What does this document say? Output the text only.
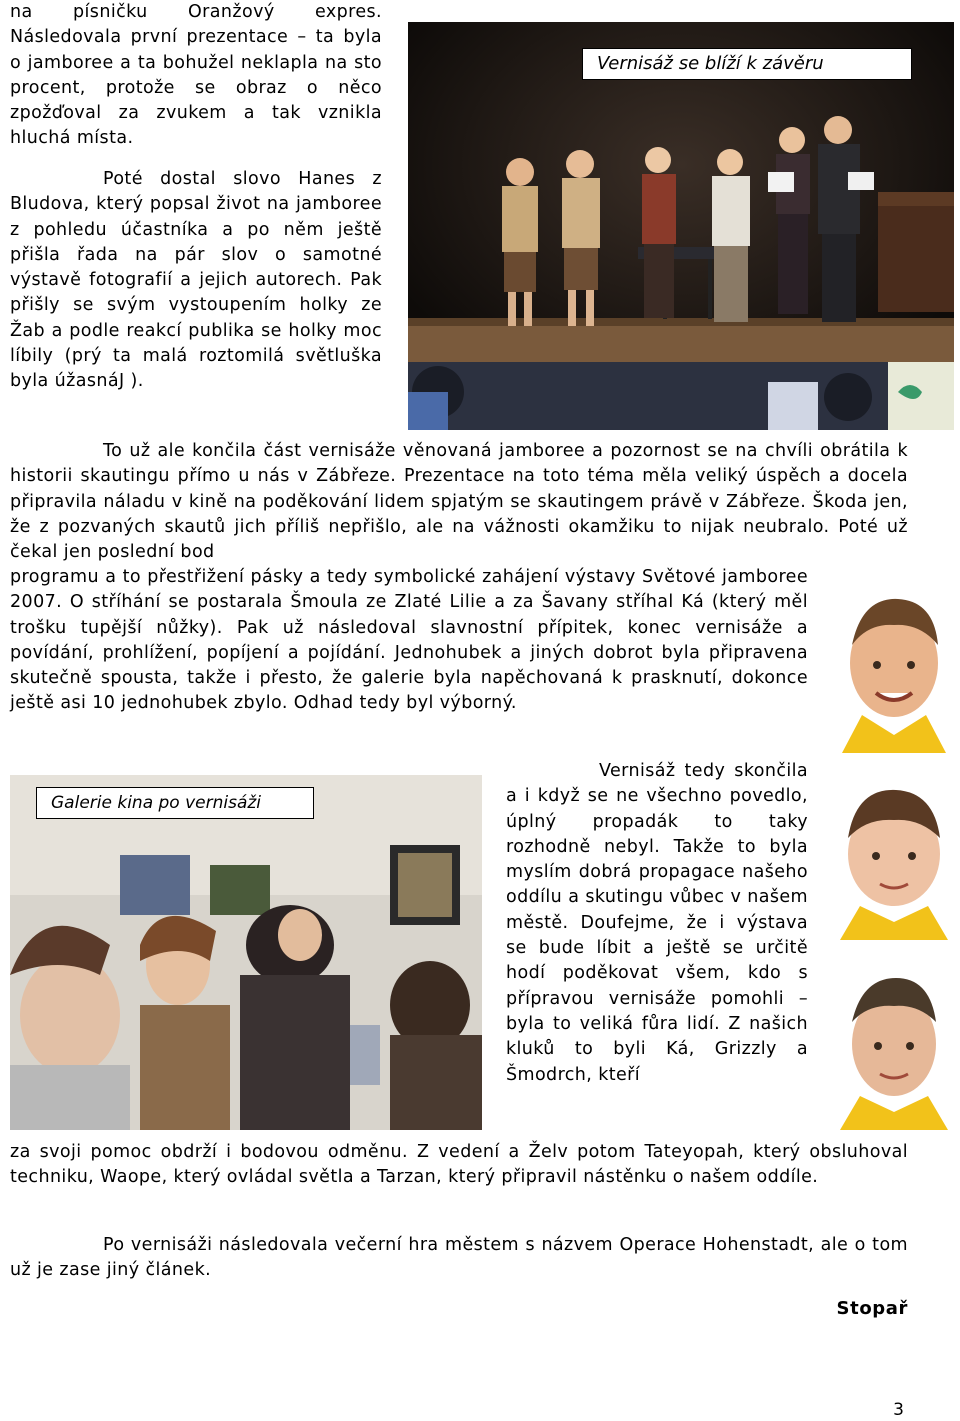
na písničku Oranžový expres. Následovala první prezentace – ta byla o jamboree a ta bohužel neklapla na sto procent, protože se obraz o něco zpožďoval za zvukem a tak vznikla hluchá místa.

Poté dostal slovo Hanes z Bludova, který popsal život na jamboree z pohledu účastníka a po něm ještě přišla řada na pár slov o samotné výstavě fotografií a jejich autorech. Pak přišly se svým vystoupením holky ze Žab a podle reakcí publika se holky moc líbily (prý ta malá roztomilá světluška byla úžasnáJ ).

Vernisáž se blíží k závěru

To už ale končila část vernisáže věnovaná jamboree a pozornost se na chvíli obrátila k historii skautingu přímo u nás v Zábřeze. Prezentace na toto téma měla veliký úspěch a docela připravila náladu v kině na poděkování lidem spjatým se skautingem právě v Zábřeze. Škoda jen, že z pozvaných skautů jich příliš nepřišlo, ale na vážnosti okamžiku to nijak neubralo. Poté už čekal jen poslední bod

programu a to přestřižení pásky a tedy symbolické zahájení výstavy Světové jamboree 2007. O stříhání se postarala Šmoula ze Zlaté Lilie a za Šavany stříhal Ká (který měl trošku tupější nůžky). Pak už následoval slavnostní přípitek, konec vernisáže a povídání, prohlížení, popíjení a pojídání. Jednohubek a jiných dobrot byla připravena skutečně spousta, takže i přesto, že galerie byla napěchovaná k prasknutí, dokonce ještě asi 10 jednohubek zbylo. Odhad tedy byl výborný.

Galerie kina po vernisáži

Vernisáž tedy skončila a i když se ne všechno povedlo, úplný propadák to taky rozhodně nebyl. Takže to byla myslím dobrá propagace našeho oddílu a skutingu vůbec v našem městě. Doufejme, že i výstava se bude líbit a ještě se určitě hodí poděkovat všem, kdo s přípravou vernisáže pomohli – byla to veliká fůra lidí. Z našich kluků to byli Ká, Grizzly a Šmodrch, kteří

za svoji pomoc obdrží i bodovou odměnu. Z vedení a Želv potom Tateyopah, který obsluhoval techniku, Waope, který ovládal světla a Tarzan, který připravil nástěnku o našem oddíle.

Po vernisáži následovala večerní hra městem s názvem Operace Hohenstadt, ale o tom už je zase jiný článek.

Stopař
3
